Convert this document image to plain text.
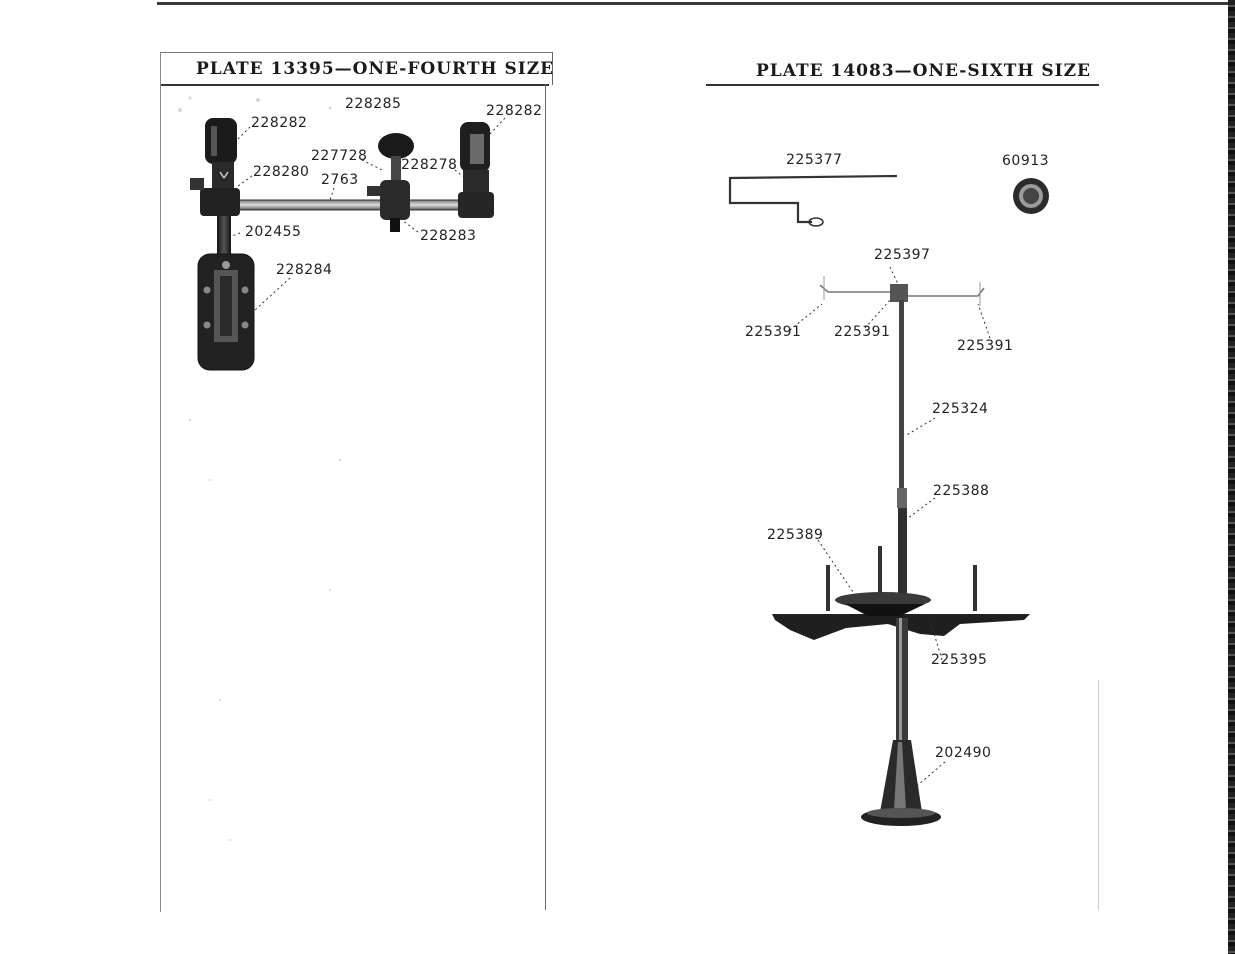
PLATE 13395—ONE-FOURTH SIZE	PLATE 14083—ONE-SIXTH SIZE
228285	228282
228282
227728
228278
228280 2763
202455	228283
228284
225377	60913
225397
225391 225391
225391
225324
225388
225389
225395
202490
